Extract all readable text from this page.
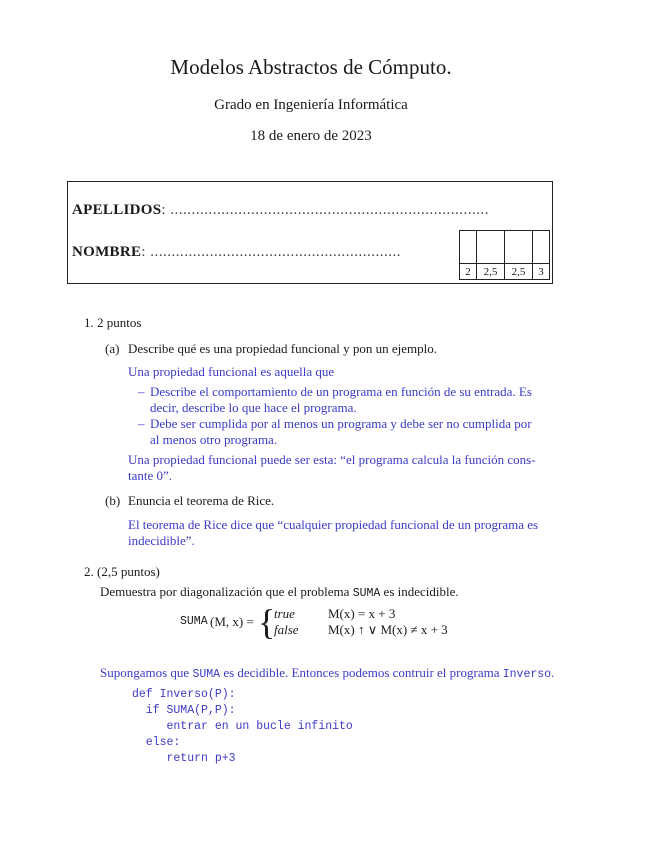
Modelos Abstractos de Cómputo.
Grado en Ingeniería Informática
18 de enero de 2023
APELLIDOS: ...........................................................................
NOMBRE: ...........................................................

2	2,5	2,5	3
1. 2 puntos
(a) Describe qué es una propiedad funcional y pon un ejemplo.
Una propiedad funcional es aquella que
– Describe el comportamiento de un programa en función de su entrada. Es
decir, describe lo que hace el programa.
– Debe ser cumplida por al menos un programa y debe ser no cumplida por
al menos otro programa.
Una propiedad funcional puede ser esta: “el programa calcula la función cons-
tante 0”.
(b) Enuncia el teorema de Rice.
El teorema de Rice dice que “cualquier propiedad funcional de un programa es
indecidible”.
2. (2,5 puntos)
Demuestra por diagonalización que el problema SUMA es indecidible.
SUMA (M, x) = {
true	M(x) = x + 3
false M(x) ↑ ∨ M(x) ≠ x + 3
Supongamos que SUMA es decidible. Entonces podemos contruir el programa Inverso.
def Inverso(P):
if SUMA(P,P):
entrar en un bucle infinito
else:
return p+3
